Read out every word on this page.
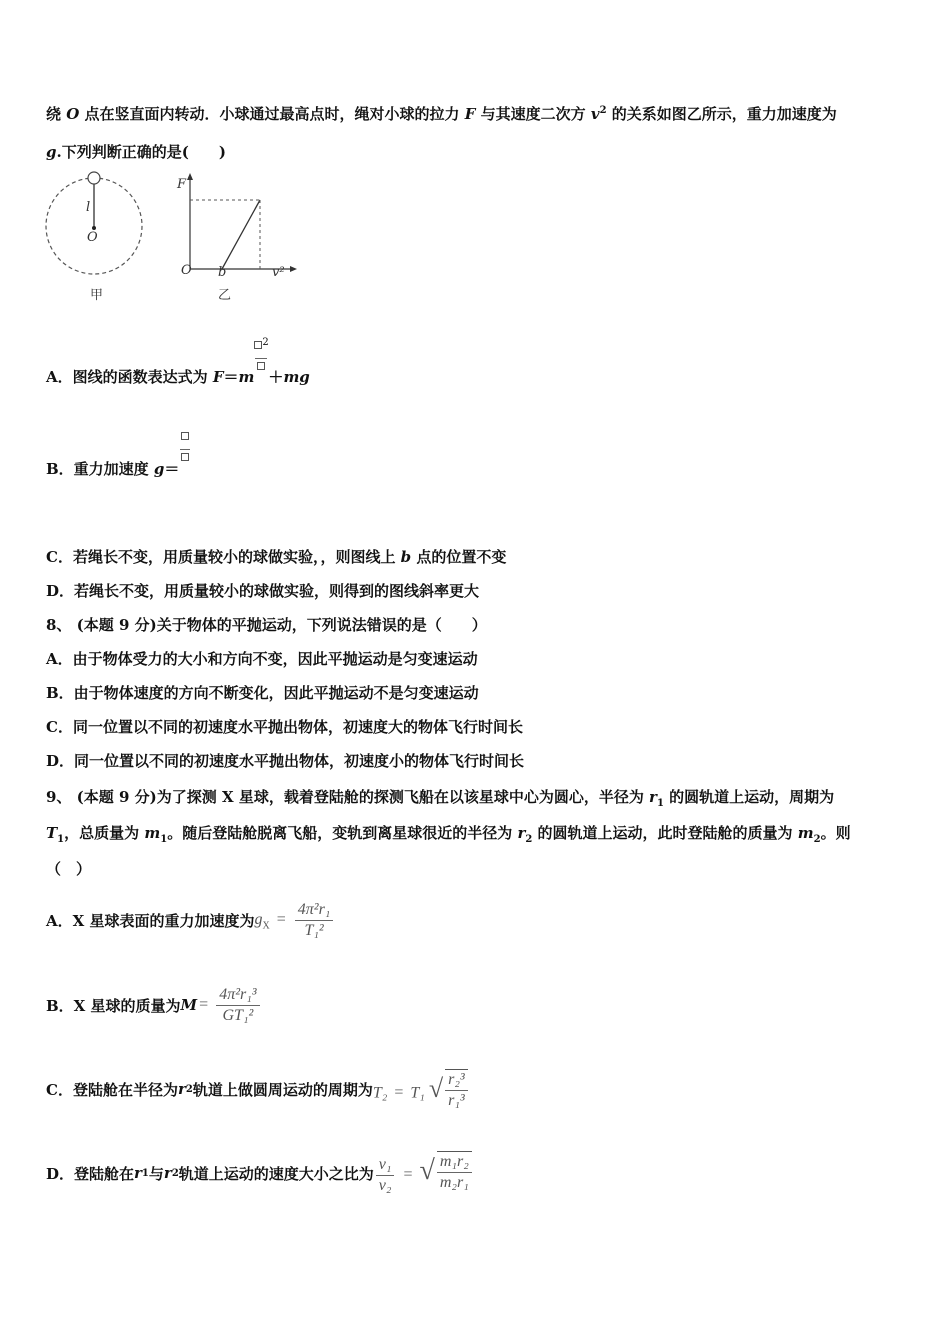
绕 O 点在竖直面内转动．小球通过最高点时，绳对小球的拉力 F 与其速度二次方 $v^2$ 的关系如图乙所示，重力加速度为
g.下列判断正确的是(　　)
l
O
甲
F
O b	v²
乙
A．图线的函数表达式为 $F=m^2$

＋mg
B．重力加速度 g＝

C．若绳长不变，用质量较小的球做实验，，则图线上 b 点的位置不变
D．若绳长不变，用质量较小的球做实验，则得到的图线斜率更大
8、 (本题 9 分)关于物体的平抛运动，下列说法错误的是（　　）
A．由于物体受力的大小和方向不变，因此平抛运动是匀变速运动
B．由于物体速度的方向不断变化，因此平抛运动不是匀变速运动
C．同一位置以不同的初速度水平抛出物体，初速度大的物体飞行时间长
D．同一位置以不同的初速度水平抛出物体，初速度小的物体飞行时间长
9、 (本题 9 分)为了探测 X 星球，载着登陆舱的探测飞船在以该星球中心为圆心，半径为 $r_1$ 的圆轨道上运动，周期为
$T_1$，总质量为 $m_1$。随后登陆舱脱离飞船，变轨到离星球很近的半径为 $r_2$ 的圆轨道上运动，此时登陆舱的质量为 $m_2$。则
（　）
A．X 星球表面的重力加速度为 $g_X = \frac{\text{4π²r₁}}{\text{T₁²}}$
B．X 星球的质量为 $M = \frac{\text{4π²r₁³}}{\text{GT₁²}}$
C．登陆舱在半径为 r 2 轨道上做圆周运动的周期为 T₂ = T₁ √ $\frac{\text{r₂³}}{\text{r₁³}}$
D．登陆舱在 r 1 与 r 2 轨道上运动的速度大小之比为 $\frac{\text{v₁}}{\text{v₂}}$ = √ $\frac{\text{m₁r₂}}{\text{m₂r₁}}$
